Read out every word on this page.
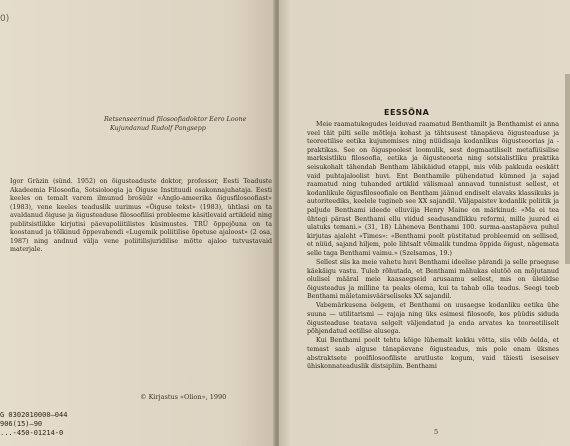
0)

Retsenseerinud filosoofiadoktor Eero Loone
Kujundanud Rudolf Pangsepp
Igor Gräzin (sünd. 1952) on õigusteaduste doktor, professor, Eesti Teaduste Akadeemia Filosoofia, Sotsioloogia ja Õiguse Instituudi osakonnajuhataja. Eesti keeles on temalt varem ilmunud brošüür «Anglo-ameerika õigusfilosoofiast» (1983), vene keeles teaduslik uurimus «Õiguse tekst» (1983), ühtlasi on ta avaldanud õiguse ja õigusteaduse filosoofilisi probleeme käsitlevaid artikleid ning publitsistlikke kirjutisi päevapoliitilistes küsimustes. TRÜ õppejõuna on ta koostanud ja tõlkinud õppevahendi «Lugemik poliitilise õpetuse ajaloost» (2 osa, 1987) ning andnud välja vene poliitilisjuridilise mõtte ajaloo tutvustavaid materjale.
© Kirjastus «Olion», 1990
G 0302010000—044
906(15)—90
...-450-01214-0
EESSÕNA

Meie raamatukogudes leiduvad raamatud Benthamilt ja Benthamist ei anna veel täit pilti selle mõtleja kohast ja tähtsusest tänapäeva õigusteaduse ja teoreetilise eetika kujunemises ning nüüdisaja kodanlikus õigusteoorias ja -praktikas. See on õiguspoolest loomulik, sest dogmaatiliselt metafüüsilise marksistliku filosoofia, eetika ja õigusteooria ning sotsialistliku praktika seisukohalt tähendab Bentham läbikäidud etappi, mis võib pakkuda eeskätt vaid puhtajaloolist huvi. Ent Benthamile pühendatud kümned ja sajad raamatud ning tuhanded artiklid välismaal annavad tunnistust sellest, et kodanlikule õigusfilosoofiale on Bentham jäänud endiselt elavaks klassikuks ja autoriteediks, keelele tugineb see XX sajandil. Väljapaistev kodanlik poliitik ja paljude Benthami ideede elluviija Henry Maine on märkinud: «Ma ei tea ühtegi pärast Benthami ellu viidud seadusandlikku reformi, mille juured ei ulatuks temani.» (31, 18) Läheneva Benthami 100. surma-aastapäeva puhul kirjutas ajaleht «Times»: «Benthami poolt püstitatud probleemid on sellised, et nüüd, sajand hiljem, pole lihtsalt võimalik tundma õppida õigust, nägemata selle taga Benthami vaimu.» (Szelsamas, 19.)

Sellest siis ka meie vahetu huvi Benthami ideelise pärandi ja selle praeguse käekäigu vastu. Tuleb rõhutada, et Benthami mähukas elutöö on mõjutanud olulisel määral meie kaasaegseid arusaamu sellest, mis on üleüldse õigusteadus ja milline ta peaks olema, kui ta tahab olla teadus. Seegi teeb Benthami mäletamisväärseliseks XX sajandil.

Vabemärkusena öelgem, et Benthami on uusaegse kodanliku eetika ühe suuna — utilitarismi — rajaja ning üks esimesi filosoofe, kes püüdis siduda õigusteaduse teatava selgelt väljendatud ja enda arvates ka teoreetiliselt põhjendatud eetilise alusega.

Kui Benthami poolt tehtu kõige lühemalt kokku võtta, siis võib öelda, et temast saab alguse tänapäevane õigusteadus, mis pole enam üksnes abstraktsete poolfilosoofiliste arutluste kogum, vaid täiesti iseseisev ühiskonnateaduslik distsipliin. Benthami

5
